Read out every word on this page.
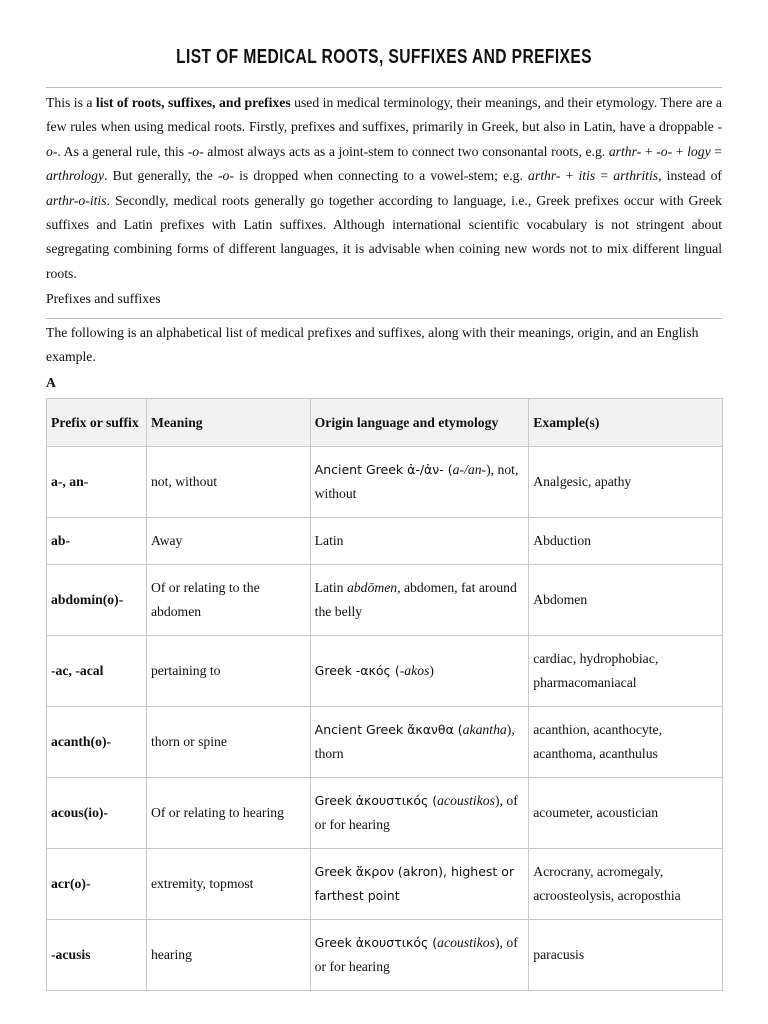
LIST OF MEDICAL ROOTS, SUFFIXES AND PREFIXES
This is a list of roots, suffixes, and prefixes used in medical terminology, their meanings, and their etymology. There are a few rules when using medical roots. Firstly, prefixes and suffixes, primarily in Greek, but also in Latin, have a droppable -o-. As a general rule, this -o- almost always acts as a joint-stem to connect two consonantal roots, e.g. arthr- + -o- + logy = arthrology. But generally, the -o- is dropped when connecting to a vowel-stem; e.g. arthr- + itis = arthritis, instead of arthr-o-itis. Secondly, medical roots generally go together according to language, i.e., Greek prefixes occur with Greek suffixes and Latin prefixes with Latin suffixes. Although international scientific vocabulary is not stringent about segregating combining forms of different languages, it is advisable when coining new words not to mix different lingual roots.
Prefixes and suffixes
The following is an alphabetical list of medical prefixes and suffixes, along with their meanings, origin, and an English example.
A
Prefix or suffix	Meaning	Origin language and etymology	Example(s)
a-, an-	not, without	Ancient Greek ἀ-/ἀν- (a-/an-), not, without	Analgesic, apathy
ab-	Away	Latin	Abduction
abdomin(o)-	Of or relating to the abdomen	Latin abdōmen, abdomen, fat around the belly	Abdomen
-ac, -acal	pertaining to	Greek -ακός (-akos)	cardiac, hydrophobiac, pharmacomaniacal
acanth(o)-	thorn or spine	Ancient Greek ἄκανθα (akantha), thorn	acanthion, acanthocyte, acanthoma, acanthulus
acous(io)-	Of or relating to hearing	Greek ἀκουστικός (acoustikos), of or for hearing	acoumeter, acoustician
acr(o)-	extremity, topmost	Greek ἄκρον (akron), highest or farthest point	Acrocrany, acromegaly, acroosteolysis, acroposthia
-acusis	hearing	Greek ἀκουστικός (acoustikos), of or for hearing	paracusis
